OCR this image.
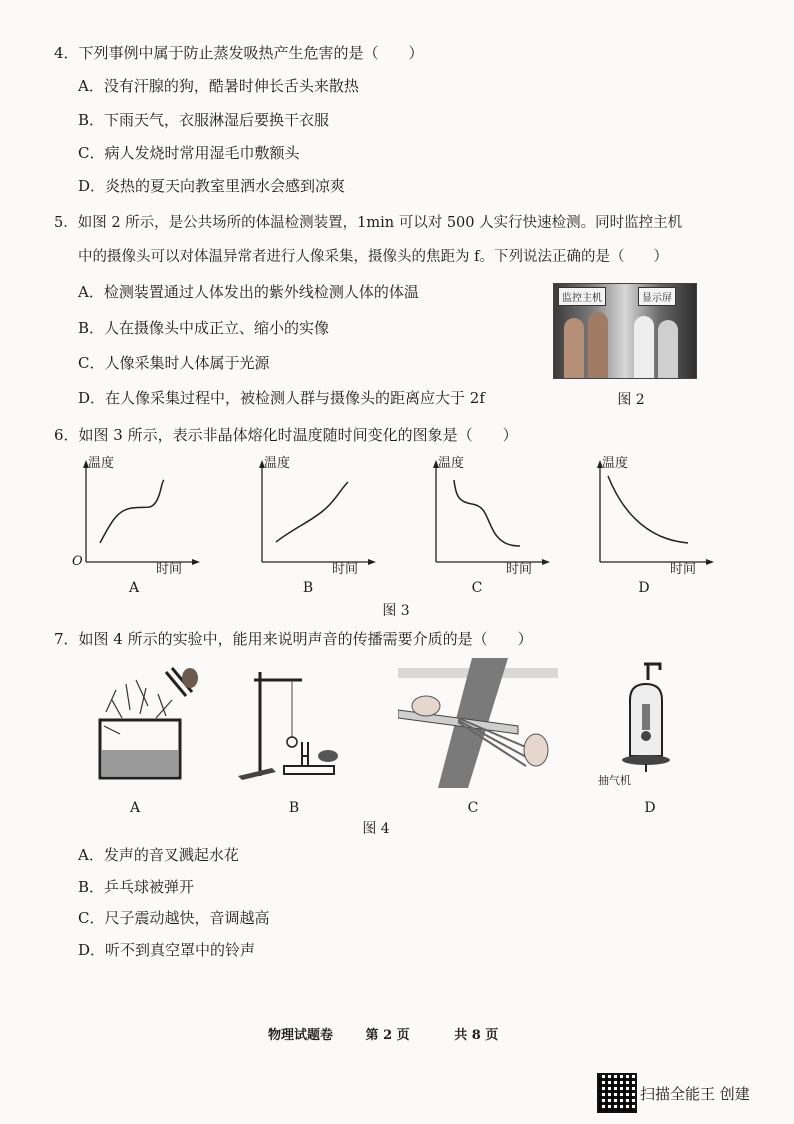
4．下列事例中属于防止蒸发吸热产生危害的是（　　）
A．没有汗腺的狗，酷暑时伸长舌头来散热
B．下雨天气，衣服淋湿后要换干衣服
C．病人发烧时常用湿毛巾敷额头
D．炎热的夏天向教室里洒水会感到凉爽
5．如图 2 所示，是公共场所的体温检测装置，1min 可以对 500 人实行快速检测。同时监控主机
中的摄像头可以对体温异常者进行人像采集，摄像头的焦距为 f。下列说法正确的是（　　）
A．检测装置通过人体发出的紫外线检测人体的体温
B．人在摄像头中成正立、缩小的实像
C．人像采集时人体属于光源
D．在人像采集过程中，被检测人群与摄像头的距离应大于 2f
监控主机	显示屏
图 2
6．如图 3 所示，表示非晶体熔化时温度随时间变化的图象是（　　）
温度
时间
O
A
温度
时间
B
温度
时间
C
温度
时间
D
图 3
7．如图 4 所示的实验中，能用来说明声音的传播需要介质的是（　　）
A	B	C
抽气机
D
图 4
A．发声的音叉溅起水花
B．乒乓球被弹开
C．尺子震动越快，音调越高
D．听不到真空罩中的铃声
物理试题卷	第 2 页	共 8 页
扫描全能王 创建
